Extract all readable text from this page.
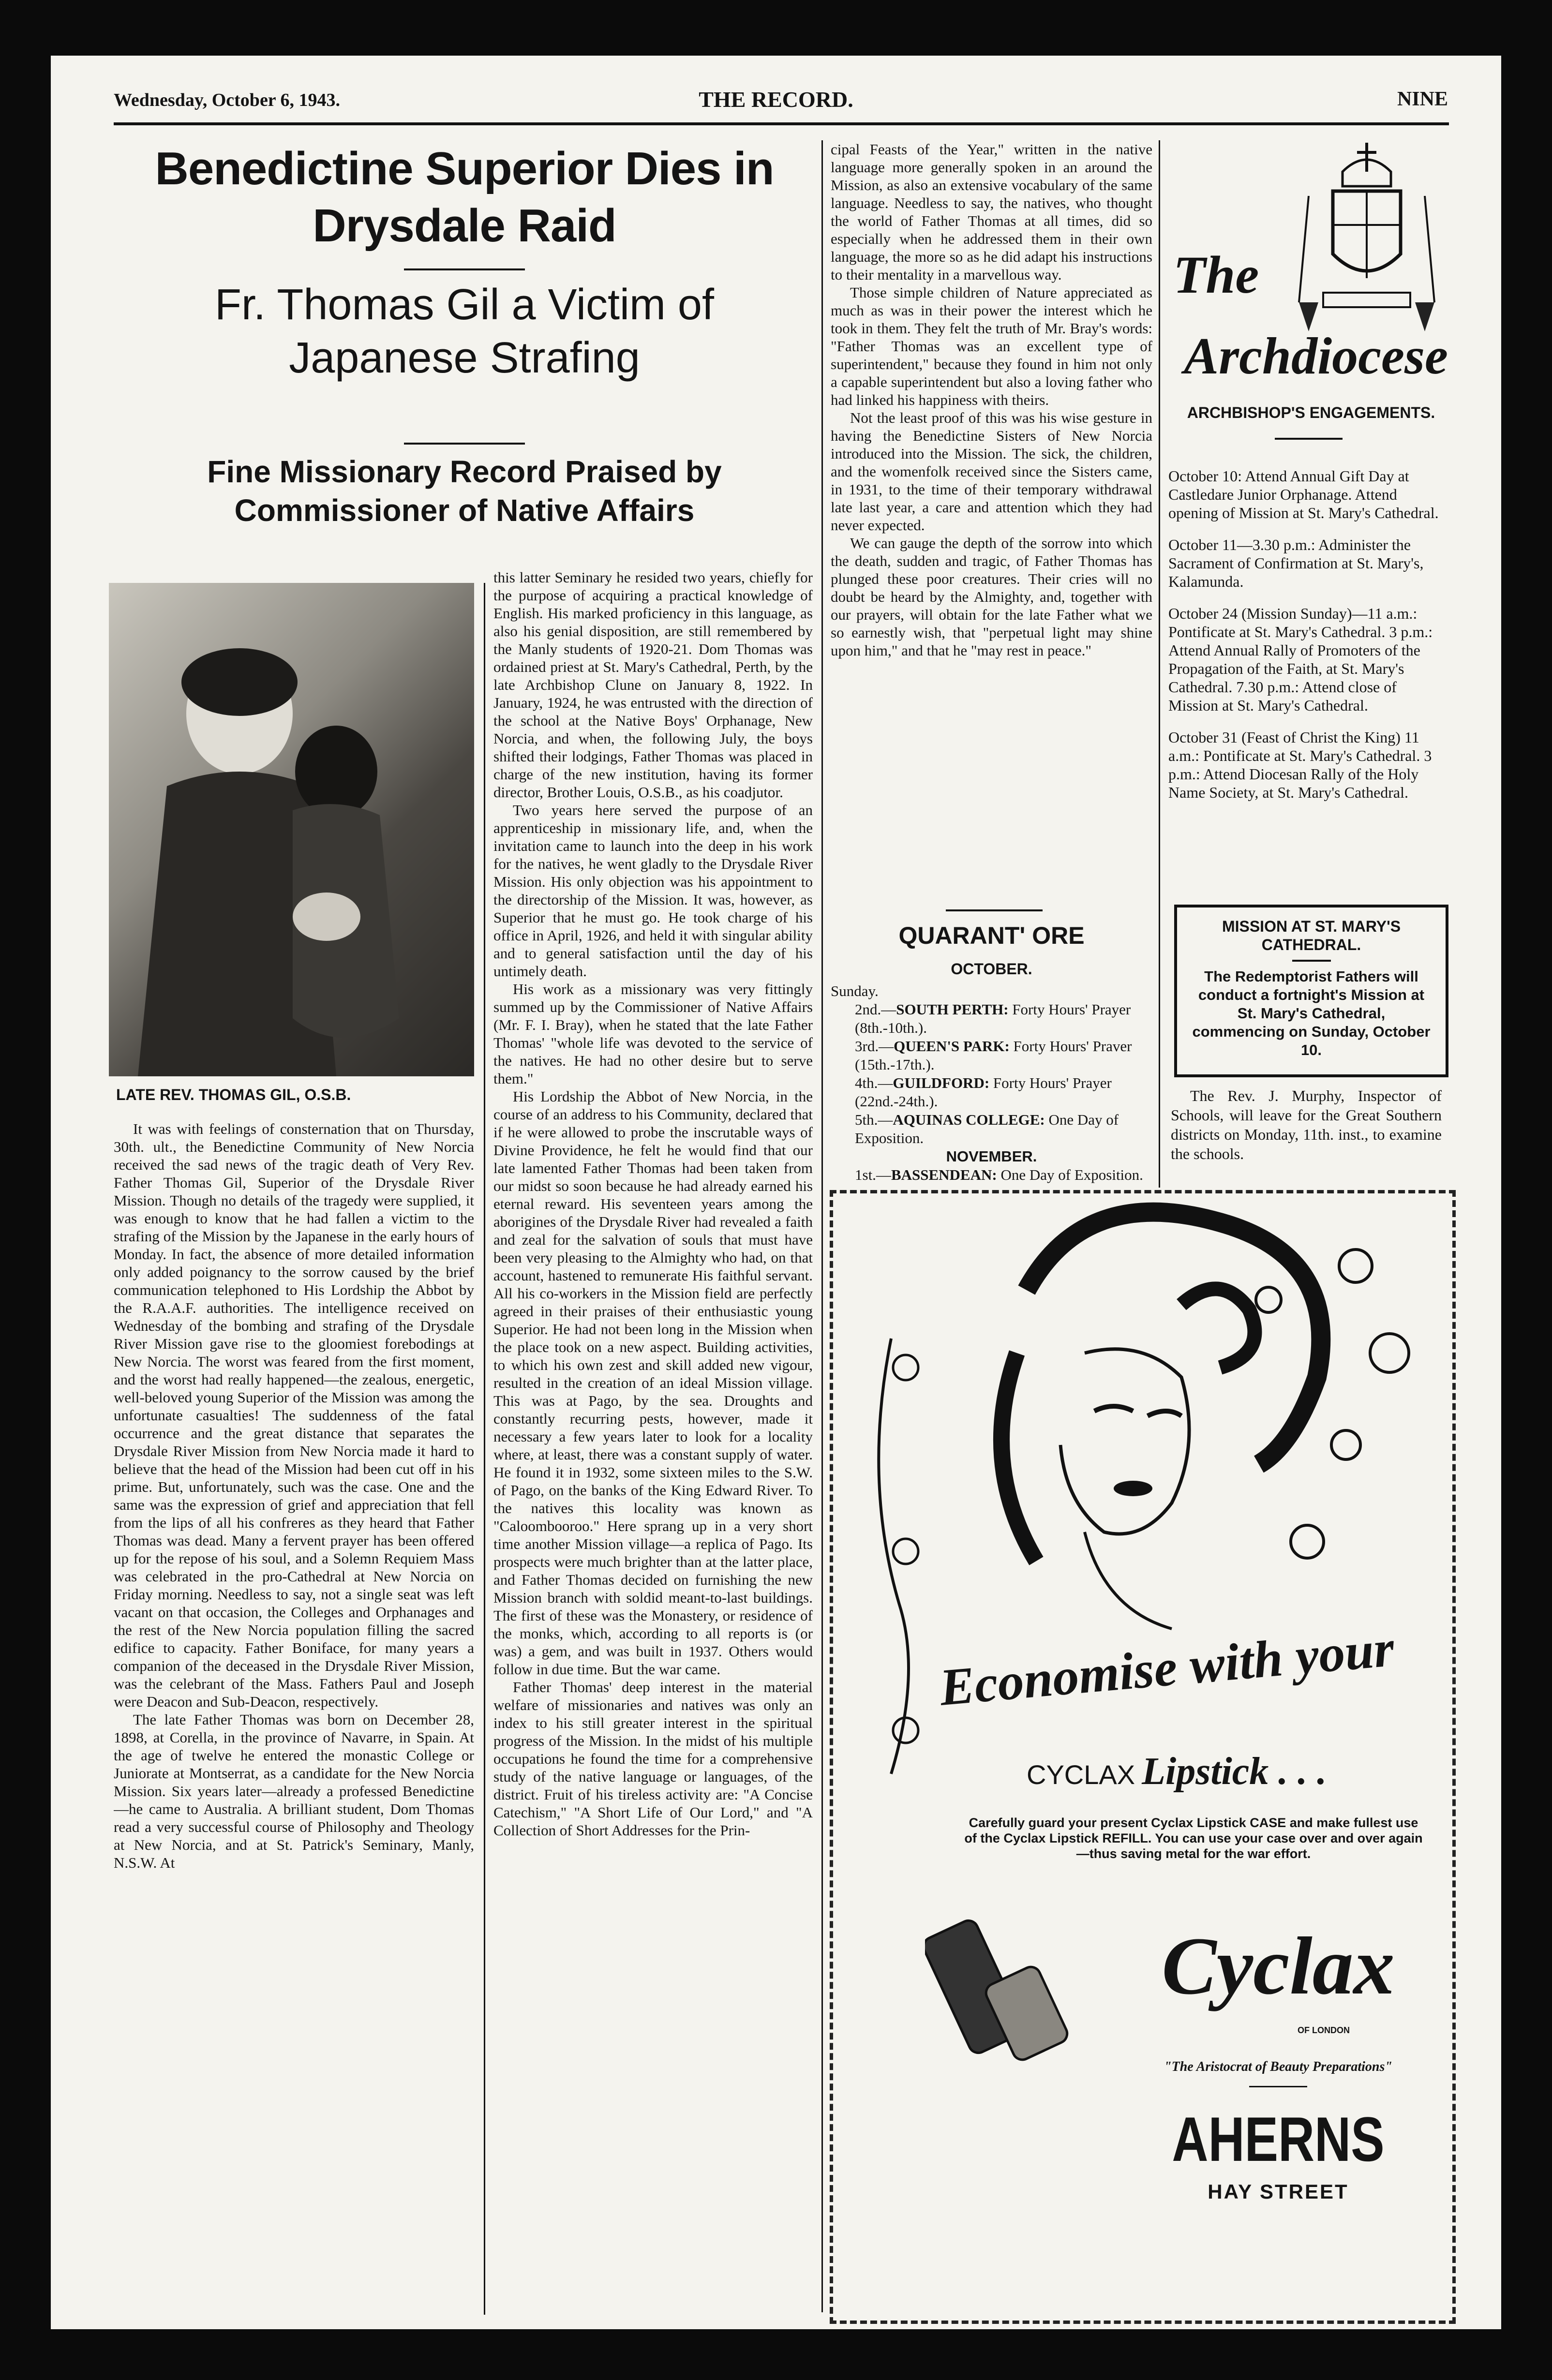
Wednesday, October 6, 1943.	THE RECORD.	NINE
Benedictine Superior Dies in Drysdale Raid
Fr. Thomas Gil a Victim of Japanese Strafing
Fine Missionary Record Praised by Commissioner of Native Affairs
LATE REV. THOMAS GIL, O.S.B.

It was with feelings of consternation that on Thursday, 30th. ult., the Benedictine Community of New Norcia received the sad news of the tragic death of Very Rev. Father Thomas Gil, Superior of the Drysdale River Mission. Though no details of the tragedy were supplied, it was enough to know that he had fallen a victim to the strafing of the Mission by the Japanese in the early hours of Monday. In fact, the absence of more detailed information only added poignancy to the sorrow caused by the brief communication telephoned to His Lordship the Abbot by the R.A.A.F. authorities. The intelligence received on Wednesday of the bombing and strafing of the Drysdale River Mission gave rise to the gloomiest forebodings at New Norcia. The worst was feared from the first moment, and the worst had really happened—the zealous, energetic, well-beloved young Superior of the Mission was among the unfortunate casualties! The suddenness of the fatal occurrence and the great distance that separates the Drysdale River Mission from New Norcia made it hard to believe that the head of the Mission had been cut off in his prime. But, unfortunately, such was the case. One and the same was the expression of grief and appreciation that fell from the lips of all his confreres as they heard that Father Thomas was dead. Many a fervent prayer has been offered up for the repose of his soul, and a Solemn Requiem Mass was celebrated in the pro-Cathedral at New Norcia on Friday morning. Needless to say, not a single seat was left vacant on that occasion, the Colleges and Orphanages and the rest of the New Norcia population filling the sacred edifice to capacity. Father Boniface, for many years a companion of the deceased in the Drysdale River Mission, was the celebrant of the Mass. Fathers Paul and Joseph were Deacon and Sub-Deacon, respectively.

The late Father Thomas was born on December 28, 1898, at Corella, in the province of Navarre, in Spain. At the age of twelve he entered the monastic College or Juniorate at Montserrat, as a candidate for the New Norcia Mission. Six years later—already a professed Benedictine—he came to Australia. A brilliant student, Dom Thomas read a very successful course of Philosophy and Theology at New Norcia, and at St. Patrick's Seminary, Manly, N.S.W. At

this latter Seminary he resided two years, chiefly for the purpose of acquiring a practical knowledge of English. His marked proficiency in this language, as also his genial disposition, are still remembered by the Manly students of 1920-21. Dom Thomas was ordained priest at St. Mary's Cathedral, Perth, by the late Archbishop Clune on January 8, 1922. In January, 1924, he was entrusted with the direction of the school at the Native Boys' Orphanage, New Norcia, and when, the following July, the boys shifted their lodgings, Father Thomas was placed in charge of the new institution, having its former director, Brother Louis, O.S.B., as his coadjutor.

Two years here served the purpose of an apprenticeship in missionary life, and, when the invitation came to launch into the deep in his work for the natives, he went gladly to the Drysdale River Mission. His only objection was his appointment to the directorship of the Mission. It was, however, as Superior that he must go. He took charge of his office in April, 1926, and held it with singular ability and to general satisfaction until the day of his untimely death.

His work as a missionary was very fittingly summed up by the Commissioner of Native Affairs (Mr. F. I. Bray), when he stated that the late Father Thomas' "whole life was devoted to the service of the natives. He had no other desire but to serve them."

His Lordship the Abbot of New Norcia, in the course of an address to his Community, declared that if he were allowed to probe the inscrutable ways of Divine Providence, he felt he would find that our late lamented Father Thomas had been taken from our midst so soon because he had already earned his eternal reward. His seventeen years among the aborigines of the Drysdale River had revealed a faith and zeal for the salvation of souls that must have been very pleasing to the Almighty who had, on that account, hastened to remunerate His faithful servant. All his co-workers in the Mission field are perfectly agreed in their praises of their enthusiastic young Superior. He had not been long in the Mission when the place took on a new aspect. Building activities, to which his own zest and skill added new vigour, resulted in the creation of an ideal Mission village. This was at Pago, by the sea. Droughts and constantly recurring pests, however, made it necessary a few years later to look for a locality where, at least, there was a constant supply of water. He found it in 1932, some sixteen miles to the S.W. of Pago, on the banks of the King Edward River. To the natives this locality was known as "Caloombooroo." Here sprang up in a very short time another Mission village—a replica of Pago. Its prospects were much brighter than at the latter place, and Father Thomas decided on furnishing the new Mission branch with soldid meant-to-last buildings. The first of these was the Monastery, or residence of the monks, which, according to all reports is (or was) a gem, and was built in 1937. Others would follow in due time. But the war came.

Father Thomas' deep interest in the material welfare of missionaries and natives was only an index to his still greater interest in the spiritual progress of the Mission. In the midst of his multiple occupations he found the time for a comprehensive study of the native language or languages, of the district. Fruit of his tireless activity are: "A Concise Catechism," "A Short Life of Our Lord," and "A Collection of Short Addresses for the Prin-

cipal Feasts of the Year," written in the native language more generally spoken in an around the Mission, as also an extensive vocabulary of the same language. Needless to say, the natives, who thought the world of Father Thomas at all times, did so especially when he addressed them in their own language, the more so as he did adapt his instructions to their mentality in a marvellous way.

Those simple children of Nature appreciated as much as was in their power the interest which he took in them. They felt the truth of Mr. Bray's words: "Father Thomas was an excellent type of superintendent," because they found in him not only a capable superintendent but also a loving father who had linked his happiness with theirs.

Not the least proof of this was his wise gesture in having the Benedictine Sisters of New Norcia introduced into the Mission. The sick, the children, and the womenfolk received since the Sisters came, in 1931, to the time of their temporary withdrawal late last year, a care and attention which they had never expected.

We can gauge the depth of the sorrow into which the death, sudden and tragic, of Father Thomas has plunged these poor creatures. Their cries will no doubt be heard by the Almighty, and, together with our prayers, will obtain for the late Father what we so earnestly wish, that "perpetual light may shine upon him," and that he "may rest in peace."

QUARANT' ORE
OCTOBER.

Sunday.

2nd.—SOUTH PERTH: Forty Hours' Prayer (8th.-10th.).

3rd.—QUEEN'S PARK: Forty Hours' Praver (15th.-17th.).

4th.—GUILDFORD: Forty Hours' Prayer (22nd.-24th.).

5th.—AQUINAS COLLEGE: One Day of Exposition.

NOVEMBER.

1st.—BASSENDEAN: One Day of Exposition.

The
Archdiocese
ARCHBISHOP'S ENGAGEMENTS.

October 10: Attend Annual Gift Day at Castledare Junior Orphanage. Attend opening of Mission at St. Mary's Cathedral.

October 11—3.30 p.m.: Administer the Sacrament of Confirmation at St. Mary's, Kalamunda.

October 24 (Mission Sunday)—11 a.m.: Pontificate at St. Mary's Cathedral. 3 p.m.: Attend Annual Rally of Promoters of the Propagation of the Faith, at St. Mary's Cathedral. 7.30 p.m.: Attend close of Mission at St. Mary's Cathedral.

October 31 (Feast of Christ the King) 11 a.m.: Pontificate at St. Mary's Cathedral. 3 p.m.: Attend Diocesan Rally of the Holy Name Society, at St. Mary's Cathedral.

MISSION AT ST. MARY'S CATHEDRAL.
The Redemptorist Fathers will conduct a fortnight's Mission at St. Mary's Cathedral, commencing on Sunday, October 10.

The Rev. J. Murphy, Inspector of Schools, will leave for the Great Southern districts on Monday, 11th. inst., to examine the schools.

Economise with your
CYCLAX Lipstick . . .
Carefully guard your present Cyclax Lipstick CASE and make fullest use of the Cyclax Lipstick REFILL. You can use your case over and over again—thus saving metal for the war effort.
Cyclax
OF LONDON
"The Aristocrat of Beauty Preparations"
AHERNS
HAY STREET
